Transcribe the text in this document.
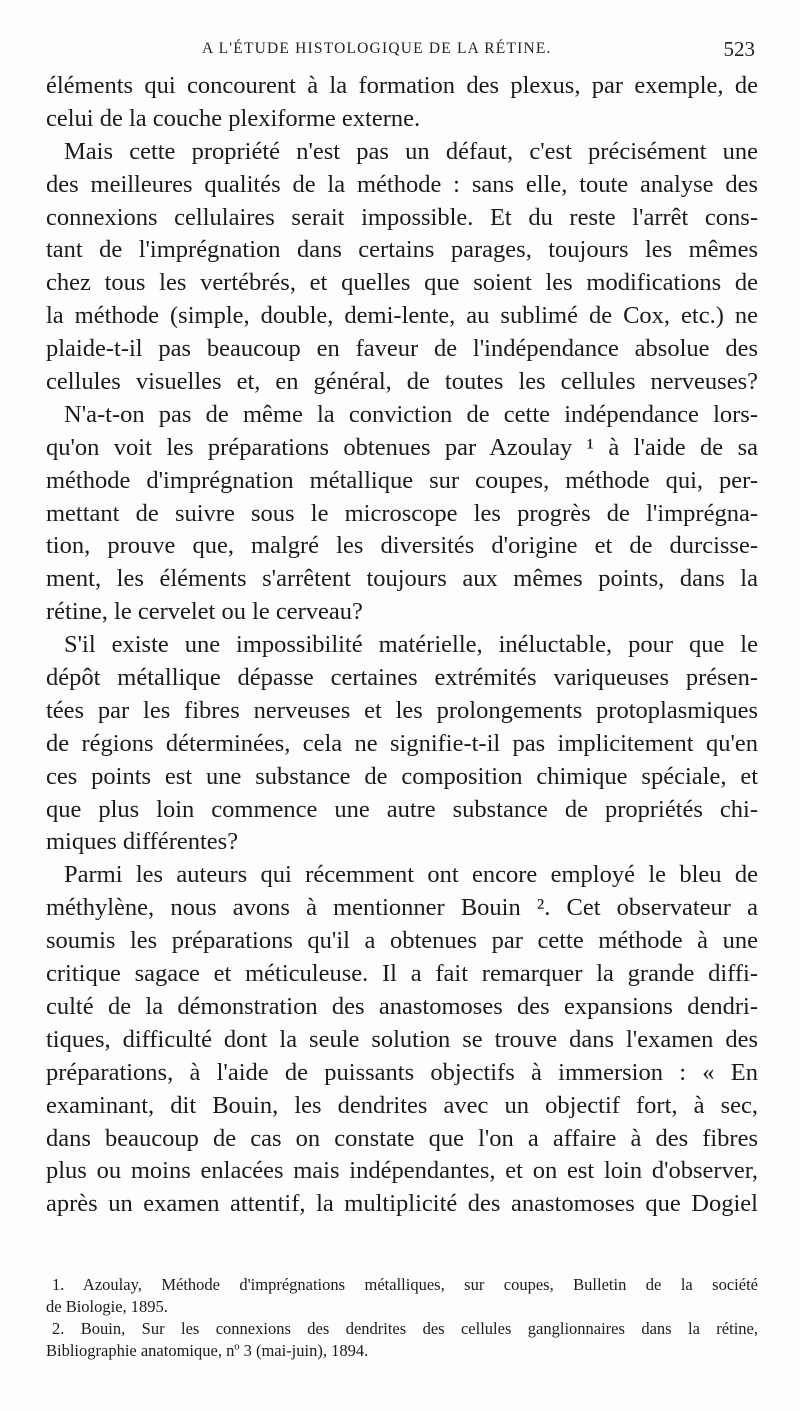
A L'ÉTUDE HISTOLOGIQUE DE LA RÉTINE.	523
éléments qui concourent à la formation des plexus, par exemple, de
celui de la couche plexiforme externe.
Mais cette propriété n'est pas un défaut, c'est précisément une
des meilleures qualités de la méthode : sans elle, toute analyse des
connexions cellulaires serait impossible. Et du reste l'arrêt cons-
tant de l'imprégnation dans certains parages, toujours les mêmes
chez tous les vertébrés, et quelles que soient les modifications de
la méthode (simple, double, demi-lente, au sublimé de Cox, etc.) ne
plaide-t-il pas beaucoup en faveur de l'indépendance absolue des
cellules visuelles et, en général, de toutes les cellules nerveuses?
N'a-t-on pas de même la conviction de cette indépendance lors-
qu'on voit les préparations obtenues par Azoulay ¹ à l'aide de sa
méthode d'imprégnation métallique sur coupes, méthode qui, per-
mettant de suivre sous le microscope les progrès de l'imprégna-
tion, prouve que, malgré les diversités d'origine et de durcisse-
ment, les éléments s'arrêtent toujours aux mêmes points, dans la
rétine, le cervelet ou le cerveau?
S'il existe une impossibilité matérielle, inéluctable, pour que le
dépôt métallique dépasse certaines extrémités variqueuses présen-
tées par les fibres nerveuses et les prolongements protoplasmiques
de régions déterminées, cela ne signifie-t-il pas implicitement qu'en
ces points est une substance de composition chimique spéciale, et
que plus loin commence une autre substance de propriétés chi-
miques différentes?
Parmi les auteurs qui récemment ont encore employé le bleu de
méthylène, nous avons à mentionner Bouin ². Cet observateur a
soumis les préparations qu'il a obtenues par cette méthode à une
critique sagace et méticuleuse. Il a fait remarquer la grande diffi-
culté de la démonstration des anastomoses des expansions dendri-
tiques, difficulté dont la seule solution se trouve dans l'examen des
préparations, à l'aide de puissants objectifs à immersion : « En
examinant, dit Bouin, les dendrites avec un objectif fort, à sec,
dans beaucoup de cas on constate que l'on a affaire à des fibres
plus ou moins enlacées mais indépendantes, et on est loin d'observer,
après un examen attentif, la multiplicité des anastomoses que Dogiel
1. Azoulay, Méthode d'imprégnations métalliques, sur coupes, Bulletin de la société
de Biologie, 1895.
2. Bouin, Sur les connexions des dendrites des cellules ganglionnaires dans la rétine,
Bibliographie anatomique, nº 3 (mai-juin), 1894.
